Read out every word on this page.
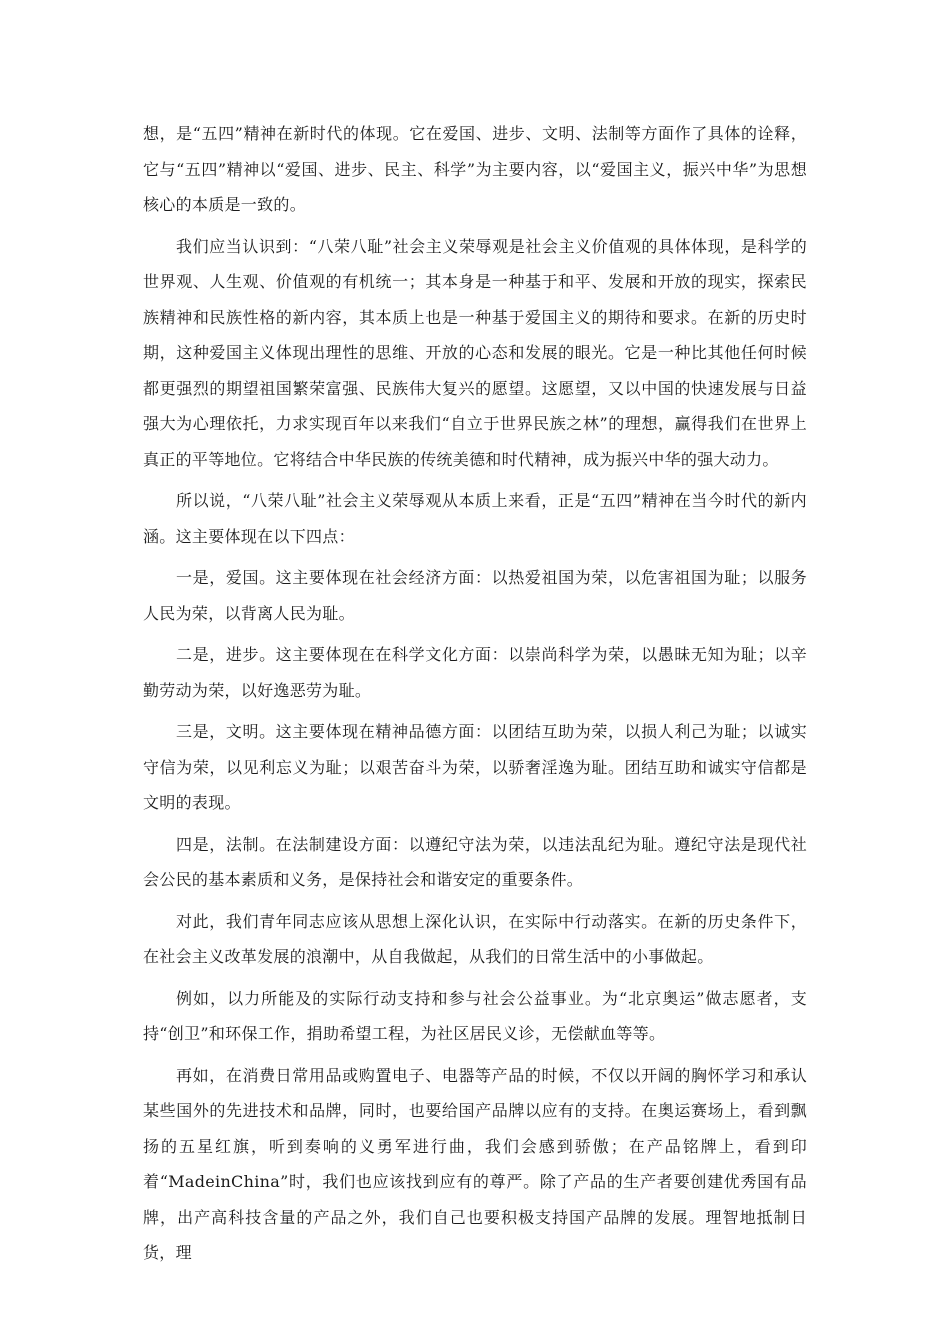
想，是“五四”精神在新时代的体现。它在爱国、进步、文明、法制等方面作了具体的诠释，它与“五四”精神以“爱国、进步、民主、科学”为主要内容，以“爱国主义，振兴中华”为思想核心的本质是一致的。

我们应当认识到：“八荣八耻”社会主义荣辱观是社会主义价值观的具体体现，是科学的世界观、人生观、价值观的有机统一；其本身是一种基于和平、发展和开放的现实，探索民族精神和民族性格的新内容，其本质上也是一种基于爱国主义的期待和要求。在新的历史时期，这种爱国主义体现出理性的思维、开放的心态和发展的眼光。它是一种比其他任何时候都更强烈的期望祖国繁荣富强、民族伟大复兴的愿望。这愿望，又以中国的快速发展与日益强大为心理依托，力求实现百年以来我们“自立于世界民族之林”的理想，赢得我们在世界上真正的平等地位。它将结合中华民族的传统美德和时代精神，成为振兴中华的强大动力。

所以说，“八荣八耻”社会主义荣辱观从本质上来看，正是“五四”精神在当今时代的新内涵。这主要体现在以下四点：

一是，爱国。这主要体现在社会经济方面：以热爱祖国为荣，以危害祖国为耻；以服务人民为荣，以背离人民为耻。

二是，进步。这主要体现在在科学文化方面：以崇尚科学为荣，以愚昧无知为耻；以辛勤劳动为荣，以好逸恶劳为耻。

三是，文明。这主要体现在精神品德方面：以团结互助为荣，以损人利己为耻；以诚实守信为荣，以见利忘义为耻；以艰苦奋斗为荣，以骄奢淫逸为耻。团结互助和诚实守信都是文明的表现。

四是，法制。在法制建设方面：以遵纪守法为荣，以违法乱纪为耻。遵纪守法是现代社会公民的基本素质和义务，是保持社会和谐安定的重要条件。

对此，我们青年同志应该从思想上深化认识，在实际中行动落实。在新的历史条件下，在社会主义改革发展的浪潮中，从自我做起，从我们的日常生活中的小事做起。

例如，以力所能及的实际行动支持和参与社会公益事业。为“北京奥运”做志愿者，支持“创卫”和环保工作，捐助希望工程，为社区居民义诊，无偿献血等等。

再如，在消费日常用品或购置电子、电器等产品的时候，不仅以开阔的胸怀学习和承认某些国外的先进技术和品牌，同时，也要给国产品牌以应有的支持。在奥运赛场上，看到飘扬的五星红旗，听到奏响的义勇军进行曲，我们会感到骄傲；在产品铭牌上，看到印着“MadeinChina”时，我们也应该找到应有的尊严。除了产品的生产者要创建优秀国有品牌，出产高科技含量的产品之外，我们自己也要积极支持国产品牌的发展。理智地抵制日货，理
